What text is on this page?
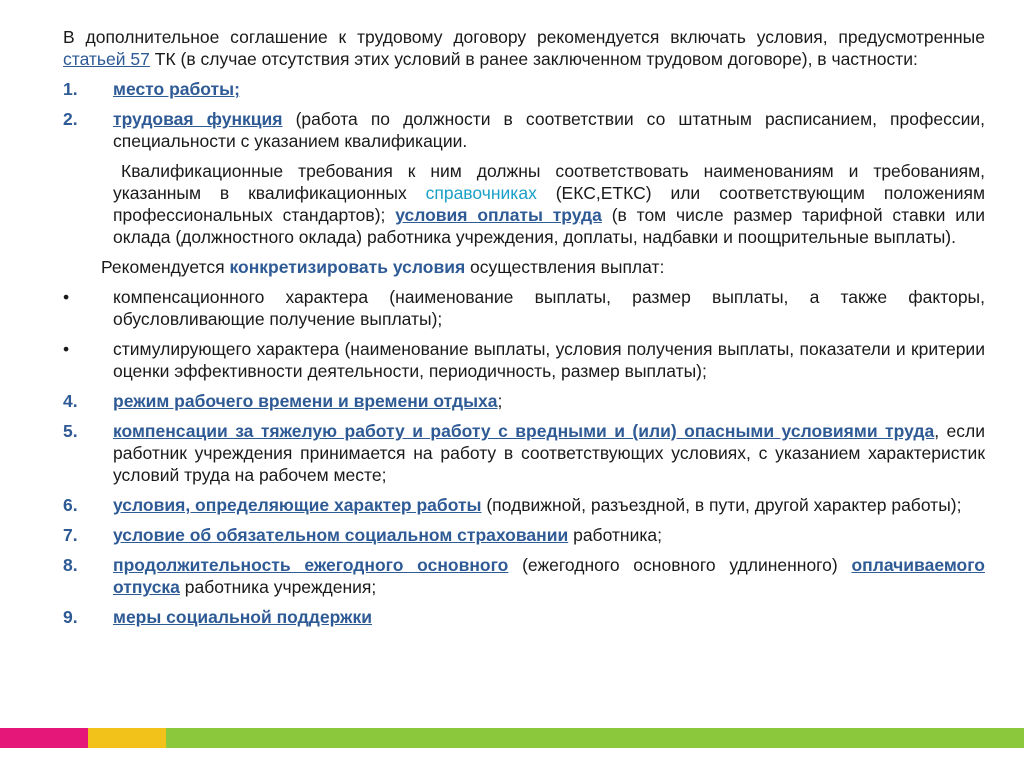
В дополнительное соглашение к трудовому договору рекомендуется включать условия, предусмотренные статьей 57 ТК (в случае отсутствия этих условий в ранее заключенном трудовом договоре), в частности:

1. место работы;
2. трудовая функция (работа по должности в соответствии со штатным расписанием, профессии, специальности с указанием квалификации.
Квалификационные требования к ним должны соответствовать наименованиям и требованиям, указанным в квалификационных справочниках (ЕКС,ЕТКС) или соответствующим положениям профессиональных стандартов); условия оплаты труда (в том числе размер тарифной ставки или оклада (должностного оклада) работника учреждения, доплаты, надбавки и поощрительные выплаты).
Рекомендуется конкретизировать условия осуществления выплат:
•	компенсационного характера (наименование выплаты, размер выплаты, а также факторы, обусловливающие получение выплаты);
•	стимулирующего характера (наименование выплаты, условия получения выплаты, показатели и критерии оценки эффективности деятельности, периодичность, размер выплаты);
4. режим рабочего времени и времени отдыха;
5. компенсации за тяжелую работу и работу с вредными и (или) опасными условиями труда, если работник учреждения принимается на работу в соответствующих условиях, с указанием характеристик условий труда на рабочем месте;
6. условия, определяющие характер работы (подвижной, разъездной, в пути, другой характер работы);
7. условие об обязательном социальном страховании работника;
8. продолжительность ежегодного основного (ежегодного основного удлиненного) оплачиваемого отпуска работника учреждения;
9. меры социальной поддержки
